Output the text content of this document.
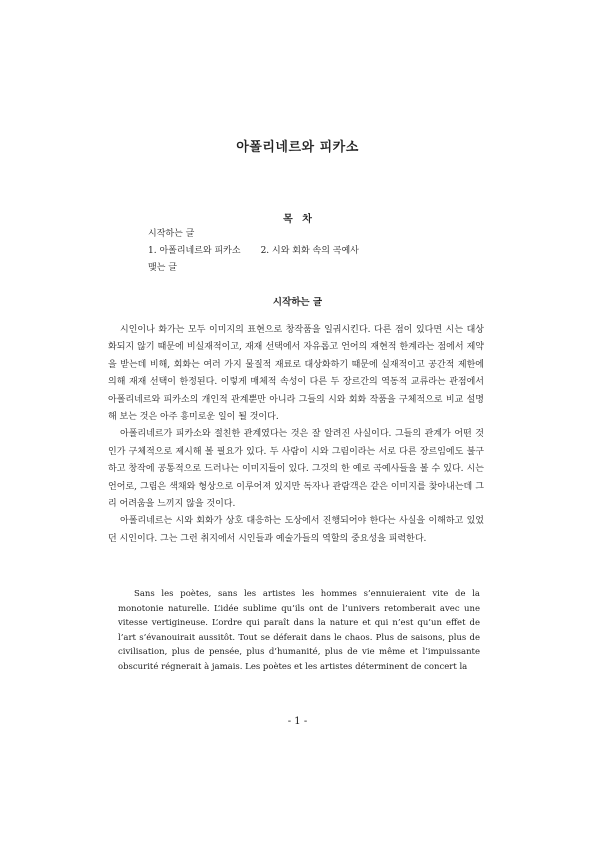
아폴리네르와 피카소
목 차
시작하는 글
1. 아폴리네르와 피카소 2. 시와 회화 속의 곡예사
맺는 글
시작하는 글

시인이나 화가는 모두 이미지의 표현으로 창작품을 일궈시킨다. 다른 점이 있다면 시는 대상화되지 않기 때문에 비실재적이고, 재재 선택에서 자유롭고 언어의 재현적 한계라는 점에서 제약을 받는데 비해, 회화는 여러 가지 물질적 재료로 대상화하기 때문에 실재적이고 공간적 제한에 의해 재재 선택이 한정된다. 이렇게 매체적 속성이 다른 두 장르간의 역동적 교류라는 관점에서 아폴리네르와 피카소의 개인적 관계뿐만 아니라 그들의 시와 회화 작품을 구체적으로 비교 설명해 보는 것은 아주 흥미로운 일이 될 것이다.

아폴리네르가 피카소와 절친한 관계였다는 것은 잘 알려진 사실이다. 그들의 관계가 어떤 것인가 구체적으로 제시해 볼 필요가 있다. 두 사람이 시와 그림이라는 서로 다른 장르임에도 불구하고 창작에 공통적으로 드러나는 이미지들이 있다. 그것의 한 예로 곡예사들을 볼 수 있다. 시는 언어로, 그림은 색채와 형상으로 이루어져 있지만 독자나 관람객은 같은 이미지를 찾아내는데 그리 어려움을 느끼지 않을 것이다.

아폴리네르는 시와 회화가 상호 대응하는 도상에서 진행되어야 한다는 사실을 이해하고 있었던 시인이다. 그는 그런 취지에서 시인들과 예술가들의 역할의 중요성을 피력한다.

Sans les poètes, sans les artistes les hommes s’ennuieraient vite de la monotonie naturelle. L’idée sublime qu’ils ont de l’univers retomberait avec une vitesse vertigineuse. L’ordre qui paraît dans la nature et qui n’est qu’un effet de l’art s’évanouirait aussitôt. Tout se déferait dans le chaos. Plus de saisons, plus de civilisation, plus de pensée, plus d’humanité, plus de vie même et l’impuissante obscurité régnerait à jamais. Les poètes et les artistes déterminent de concert la

- 1 -
